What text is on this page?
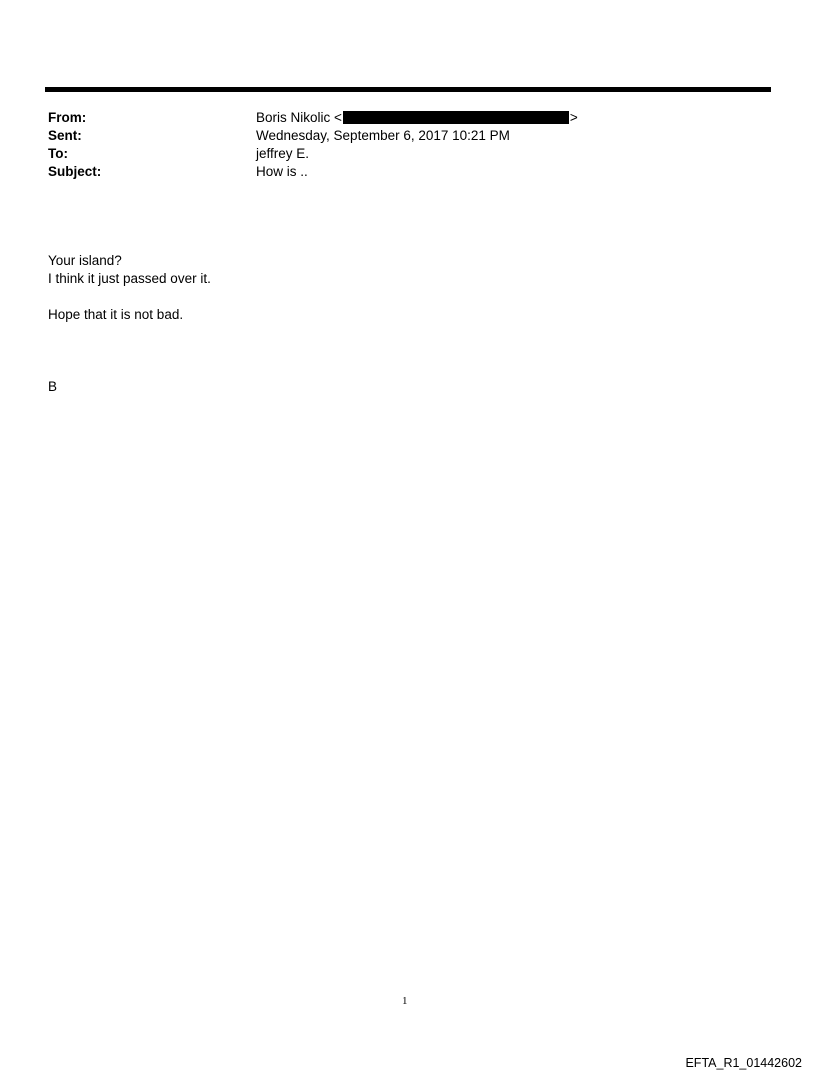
From:	Boris Nikolic <	>
Sent:	Wednesday, September 6, 2017 10:21 PM
To:	jeffrey E.
Subject:	How is ..
Your island?
I think it just passed over it.
Hope that it is not bad.
B
1
EFTA_R1_01442602
